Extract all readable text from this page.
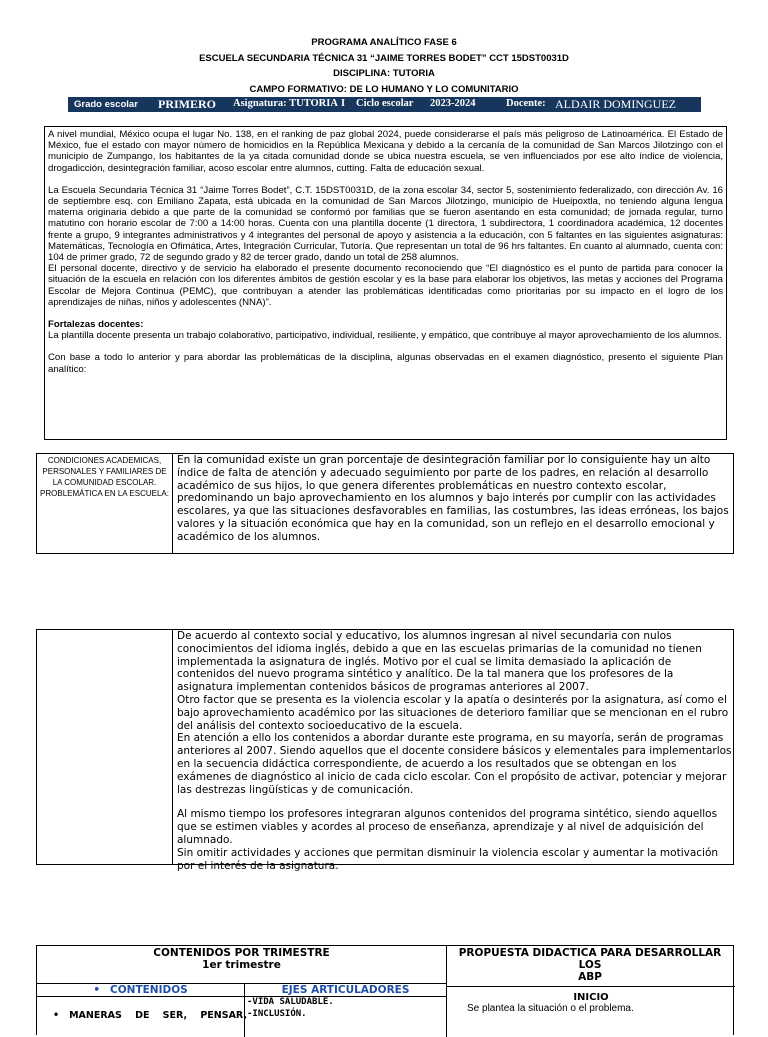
PROGRAMA ANALÍTICO FASE 6
ESCUELA SECUNDARIA TÉCNICA 31 “JAIME TORRES BODET” CCT 15DST0031D
DISCIPLINA: TUTORIA
CAMPO FORMATIVO: DE LO HUMANO Y LO COMUNITARIO
Grado escolar PRIMERO Asignatura: TUTORIA I Ciclo escolar 2023-2024	Docente: ALDAIR DOMINGUEZ

A nivel mundial, México ocupa el lugar No. 138, en el ranking de paz global 2024, puede considerarse el país más peligroso de Latinoamérica. El Estado de México, fue el estado con mayor número de homicidios en la República Mexicana y debido a la cercanía de la comunidad de San Marcos Jilotzingo con el municipio de Zumpango, los habitantes de la ya citada comunidad donde se ubica nuestra escuela, se ven influenciados por ese alto índice de violencia, drogadicción, desintegración familiar, acoso escolar entre alumnos, cutting. Falta de educación sexual.

La Escuela Secundaria Técnica 31 “Jaime Torres Bodet”, C.T. 15DST0031D, de la zona escolar 34, sector 5, sostenimiento federalizado, con dirección Av. 16 de septiembre esq. con Emiliano Zapata, está ubicada en la comunidad de San Marcos Jilotzingo, municipio de Hueipoxtla, no teniendo alguna lengua materna originaria debido a que parte de la comunidad se conformó por familias que se fueron asentando en esta comunidad; de jornada regular, turno matutino con horario escolar de 7:00 a 14:00 horas. Cuenta con una plantilla docente (1 directora, 1 subdirectora, 1 coordinadora académica, 12 docentes frente a grupo, 9 integrantes administrativos y 4 integrantes del personal de apoyo y asistencia a la educación, con 5 faltantes en las siguientes asignaturas: Matemáticas, Tecnología en Ofimática, Artes, Integración Curricular, Tutoría. Que representan un total de 96 hrs faltantes. En cuanto al alumnado, cuenta con: 104 de primer grado, 72 de segundo grado y 82 de tercer grado, dando un total de 258 alumnos.

El personal docente, directivo y de servicio ha elaborado el presente documento reconociendo que “El diagnóstico es el punto de partida para conocer la situación de la escuela en relación con los diferentes ámbitos de gestión escolar y es la base para elaborar los objetivos, las metas y acciones del Programa Escolar de Mejora Continua (PEMC), que contribuyan a atender las problemáticas identificadas como prioritarias por su impacto en el logro de los aprendizajes de niñas, niños y adolescentes (NNA)”.

Fortalezas docentes:

La plantilla docente presenta un trabajo colaborativo, participativo, individual, resiliente, y empático, que contribuye al mayor aprovechamiento de los alumnos.

Con base a todo lo anterior y para abordar las problemáticas de la disciplina, algunas observadas en el examen diagnóstico, presento el siguiente Plan analítico:

CONDICIONES ACADEMICAS, PERSONALES Y FAMILIARES DE LA COMUNIDAD ESCOLAR.
PROBLEMÁTICA EN LA ESCUELA:
En la comunidad existe un gran porcentaje de desintegración familiar por lo consiguiente hay un alto índice de falta de atención y adecuado seguimiento por parte de los padres, en relación al desarrollo académico de sus hijos, lo que genera diferentes problemáticas en nuestro contexto escolar, predominando un bajo aprovechamiento en los alumnos y bajo interés por cumplir con las actividades escolares, ya que las situaciones desfavorables en familias, las costumbres, las ideas erróneas, los bajos valores y la situación económica que hay en la comunidad, son un reflejo en el desarrollo emocional y académico de los alumnos.

De acuerdo al contexto social y educativo, los alumnos ingresan al nivel secundaria con nulos conocimientos del idioma inglés, debido a que en las escuelas primarias de la comunidad no tienen implementada la asignatura de inglés. Motivo por el cual se limita demasiado la aplicación de contenidos del nuevo programa sintético y analítico. De la tal manera que los profesores de la asignatura implementan contenidos básicos de programas anteriores al 2007.

Otro factor que se presenta es la violencia escolar y la apatía o desinterés por la asignatura, así como el bajo aprovechamiento académico por las situaciones de deterioro familiar que se mencionan en el rubro del análisis del contexto socioeducativo de la escuela.

En atención a ello los contenidos a abordar durante este programa, en su mayoría, serán de programas anteriores al 2007. Siendo aquellos que el docente considere básicos y elementales para implementarlos en la secuencia didáctica correspondiente, de acuerdo a los resultados que se obtengan en los exámenes de diagnóstico al inicio de cada ciclo escolar. Con el propósito de activar, potenciar y mejorar las destrezas lingüísticas y de comunicación.

Al mismo tiempo los profesores integraran algunos contenidos del programa sintético, siendo aquellos que se estimen viables y acordes al proceso de enseñanza, aprendizaje y al nivel de adquisición del alumnado.

Sin omitir actividades y acciones que permitan disminuir la violencia escolar y aumentar la motivación por el interés de la asignatura.

CONTENIDOS POR TRIMESTRE
1er trimestre
PROPUESTA DIDACTICA PARA DESARROLLAR
LOS
ABP
• CONTENIDOS	EJES ARTICULADORES
• MANERAS    DE    SER,    PENSAR,
-VIDA SALUDABLE.
-INCLUSIÓN.
INICIO
Se plantea la situación o el problema.
